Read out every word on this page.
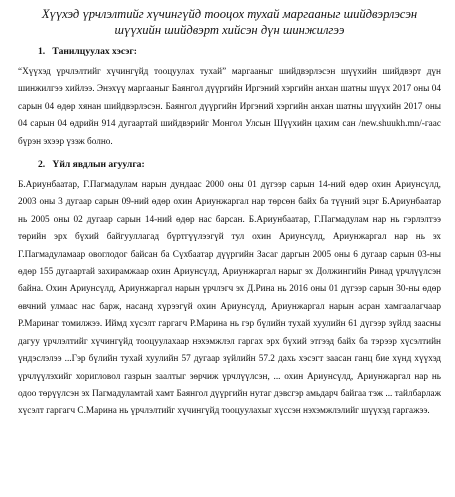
Хүүхэд үрчлэлтийг хүчингүйд тооцох тухай маргааныг шийдвэрлэсэн шүүхийн шийдвэрт хийсэн дүн шинжилгээ

1. Танилцуулах хэсэг:

“Хүүхэд үрчлэлтийг хүчингүйд тооцуулах тухай” маргааныг шийдвэрлэсэн шүүхийн шийдвэрт дүн шинжилгээ хийлээ. Энэхүү маргааныг Баянгол дүүргийн Иргэний хэргийн анхан шатны шүүх 2017 оны 04 сарын 04 өдөр хянан шийдвэрлэсэн. Баянгол дүүргийн Иргэний хэргийн анхан шатны шүүхийн 2017 оны 04 сарын 04 өдрийн 914 дугаартай шийдвэрийг Монгол Улсын Шүүхийн цахим сан /new.shuukh.mn/-гаас бүрэн эхээр үзэж болно.

2. Үйл явдлын агуулга:

Б.Ариунбаатар, Г.Пагмадулам нарын дундаас 2000 оны 01 дүгээр сарын 14-ний өдөр охин Ариунсүлд, 2003 оны 3 дугаар сарын 09-ний өдөр охин Ариунжаргал нар төрсөн байх ба түүний эцэг Б.Ариунбаатар нь 2005 оны 02 дугаар сарын 14-ний өдөр нас барсан. Б.Ариунбаатар, Г.Пагмадулам нар нь гэрлэлтээ төрийн эрх бүхий байгууллагад бүртгүүлээгүй тул охин Ариунсүлд, Ариунжаргал нар нь эх Г.Пагмадуламаар овоглодог байсан ба Сүхбаатар дүүргийн Засаг даргын 2005 оны 6 дугаар сарын 03-ны өдөр 155 дугаартай захирамжаар охин Ариунсүлд, Ариунжаргал нарыг эх Должингийн Ринад үрчлүүлсэн байна. Охин Ариунсүлд, Ариунжаргал нарын үрчлэгч эх Д.Рина нь 2016 оны 01 дүгээр сарын 30-ны өдөр өвчний улмаас нас барж, насанд хүрээгүй охин Ариунсүлд, Ариунжаргал нарын асран хамгаалагчаар Р.Маринаг томилжээ. Иймд хүсэлт гаргагч Р.Марина нь гэр бүлийн тухай хуулийн 61 дүгээр зүйлд заасны дагуу үрчлэлтийг хүчингүйд тооцуулахаар нэхэмжлэл гаргах эрх бүхий этгээд байх ба тэрээр хүсэлтийн үндэслэлээ ...Гэр бүлийн тухай хуулийн 57 дугаар зүйлийн 57.2 дахь хэсэгт заасан ганц бие хүнд хүүхэд үрчлүүлэхийг хоригловол газрын заалтыг зөрчиж үрчлүүлсэн, ... охин Ариунсүлд, Ариунжаргал нар нь одоо төрүүлсэн эх Пагмадуламтай хамт Баянгол дүүргийн нутаг дэвсгэр амьдарч байгаа тэж ... тайлбарлаж хүсэлт гаргагч С.Марина нь үрчлэлтийг хүчингүйд тооцуулахыг хүссэн нэхэмжлэлийг шүүхэд гаргажээ.
